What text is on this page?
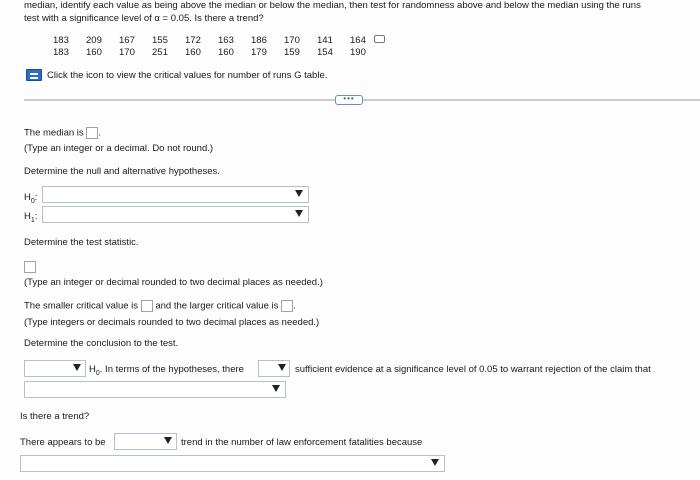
median, identify each value as being above the median or below the median, then test for randomness above and below the median using the runs
test with a significance level of α = 0.05. Is there a trend?
183	209	167	155	172	163	186	170	141	164
183	160	170	251	160	160	179	159	154	190
Click the icon to view the critical values for number of runs G table.
•••
The median is .
(Type an integer or a decimal. Do not round.)
Determine the null and alternative hypotheses.
$H_0$:
$H_1$:
Determine the test statistic.
(Type an integer or decimal rounded to two decimal places as needed.)
The smaller critical value is and the larger critical value is .
(Type integers or decimals rounded to two decimal places as needed.)
Determine the conclusion to the test.
$H_0$. In terms of the hypotheses, there	sufficient evidence at a significance level of 0.05 to warrant rejection of the claim that
Is there a trend?
There appears to be	trend in the number of law enforcement fatalities because
